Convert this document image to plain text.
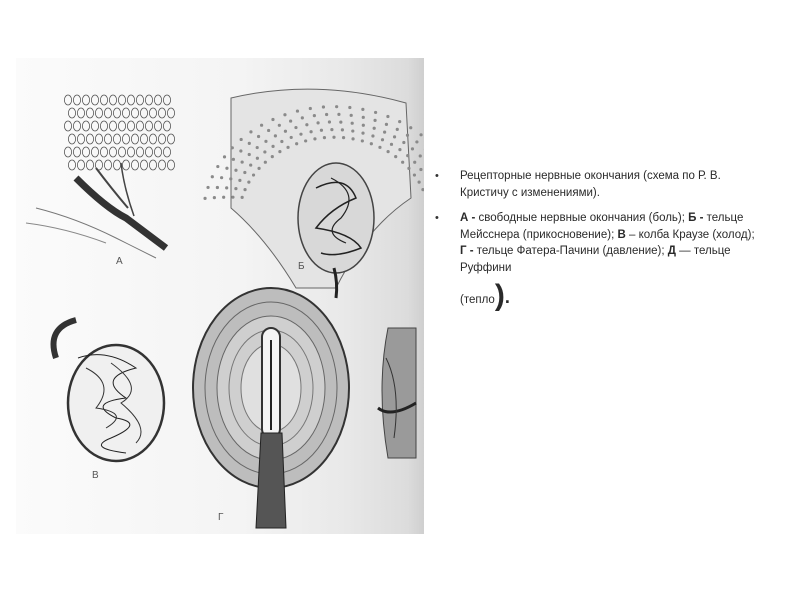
А	Б
В
Г
• Рецепторные нервные окончания (схема по Р. В. Кристичу с изменениями).
• А - свободные нервные окончания (боль); Б - тельце Мейсснера (прикосновение); В – колба Краузе (холод); Г - тельце Фатера-Пачини (давление); Д — тельце Руффини
(тепло).
